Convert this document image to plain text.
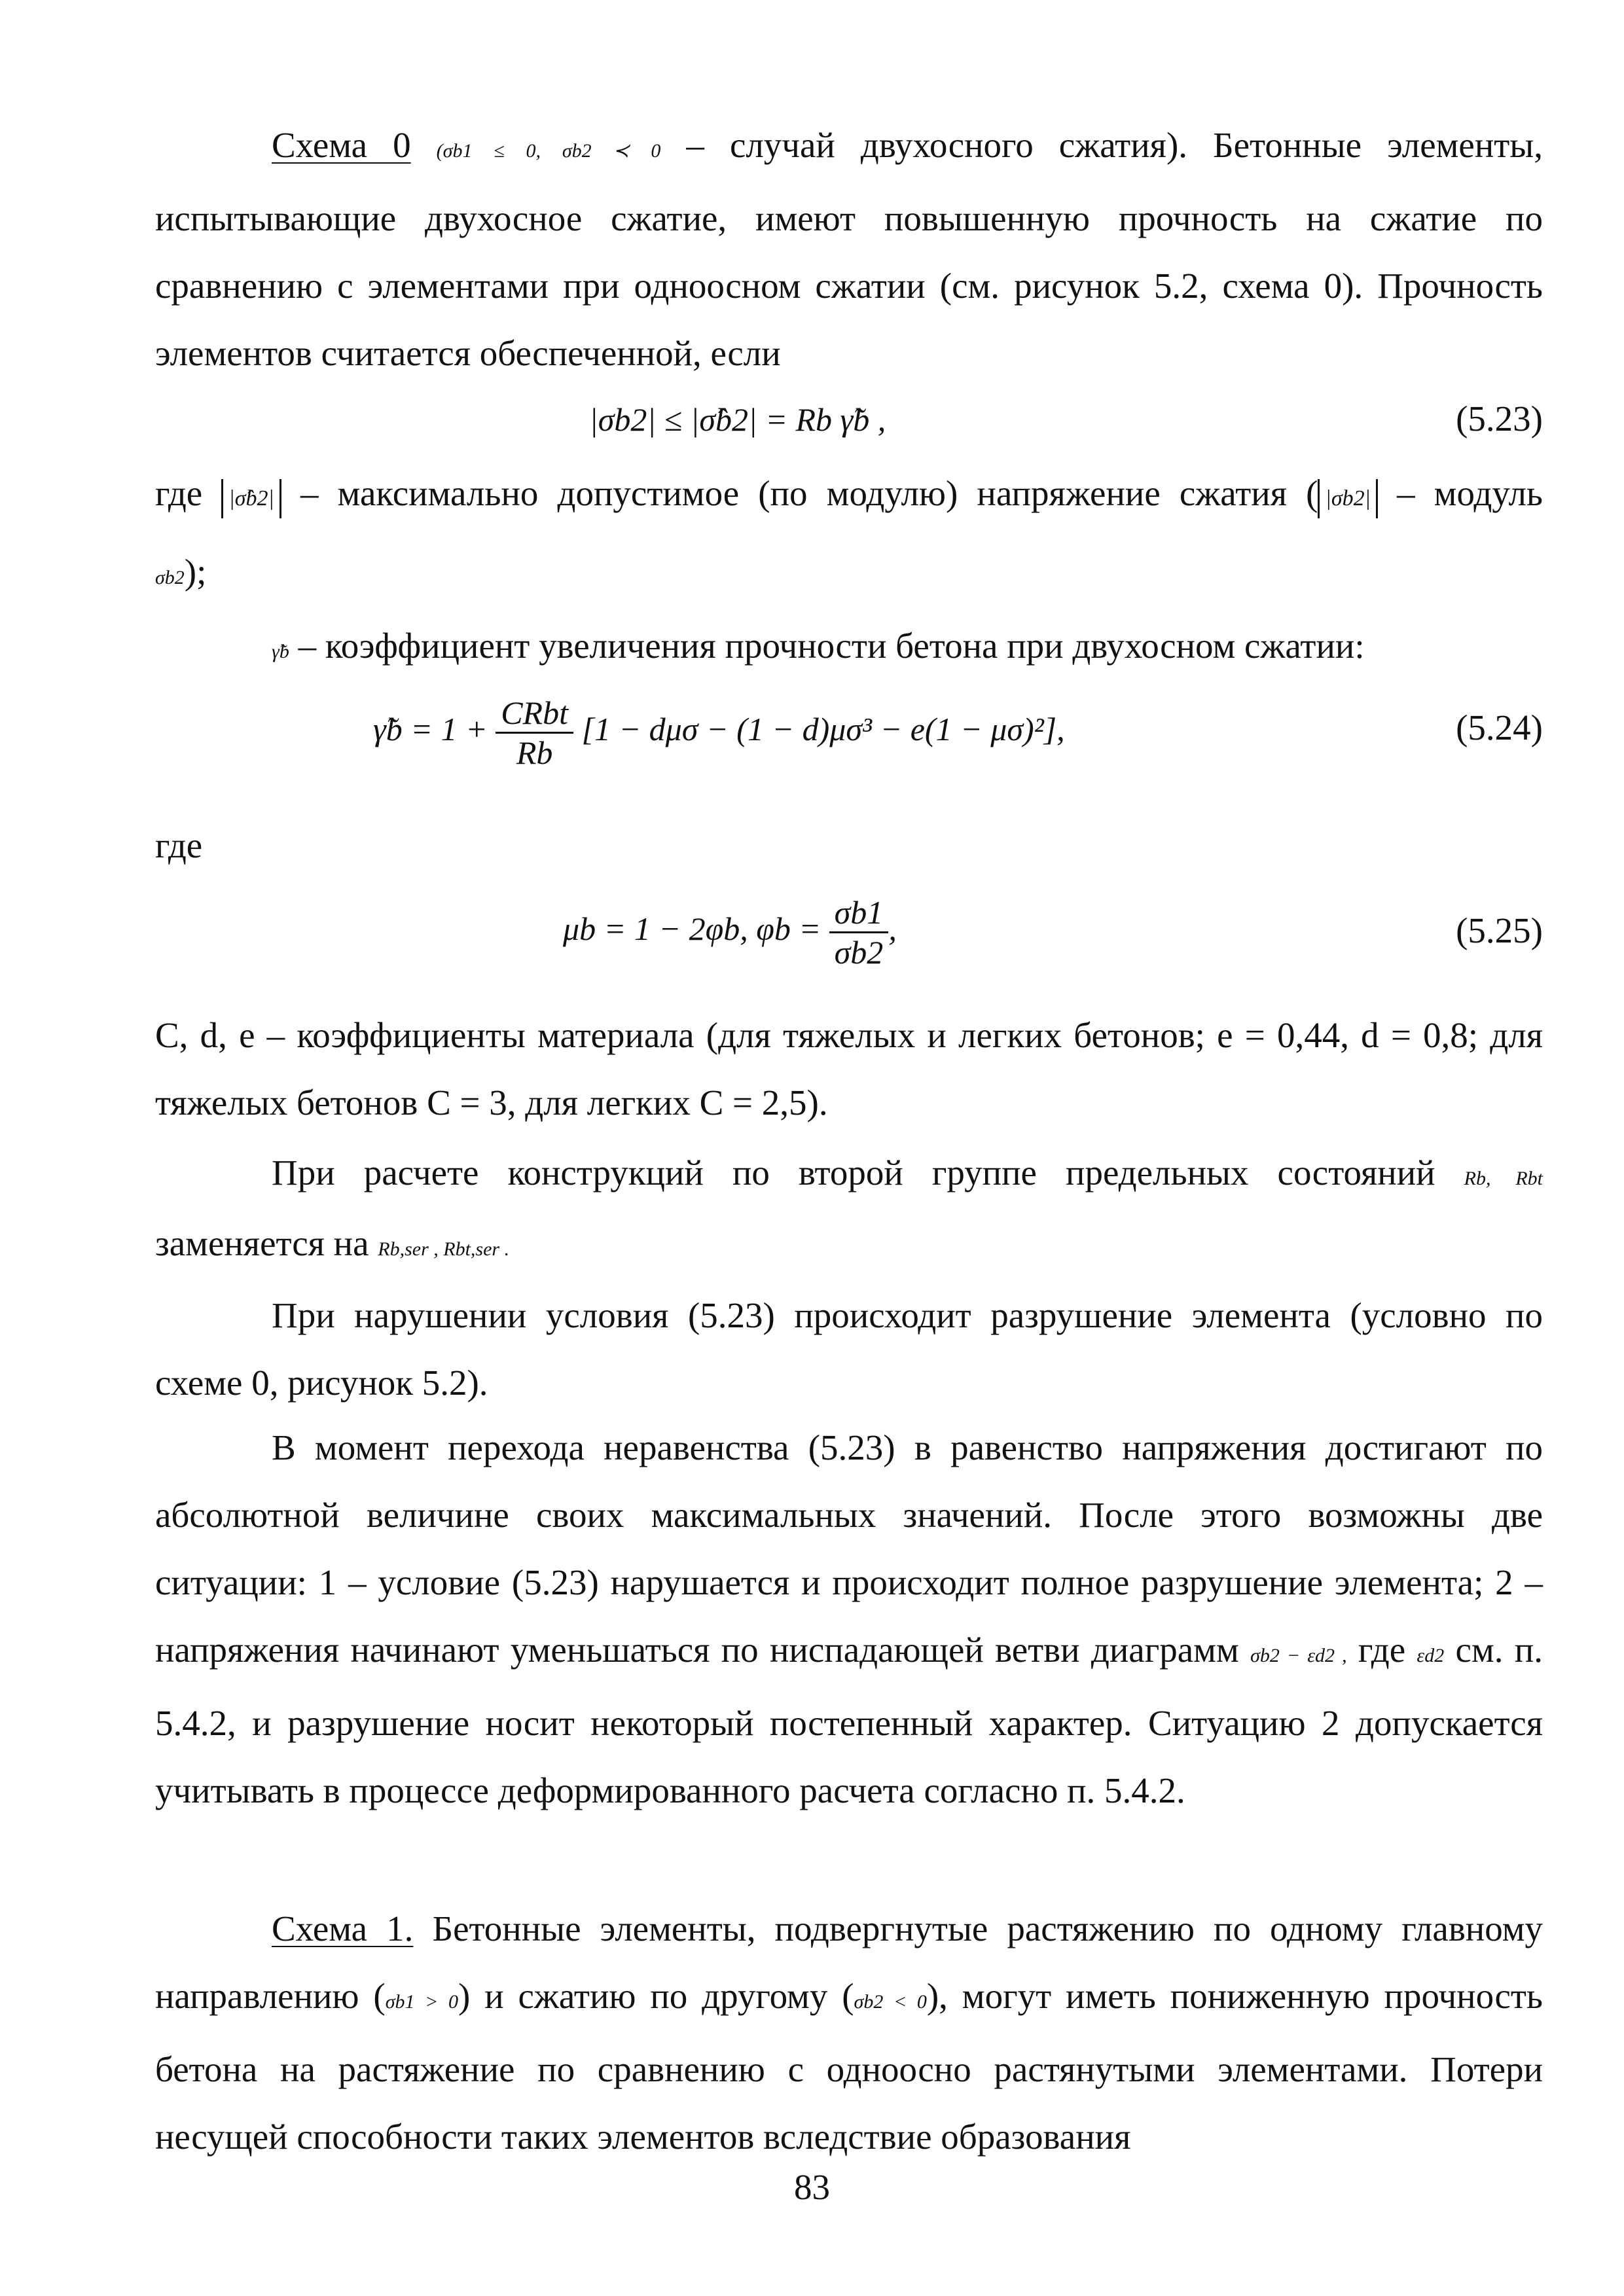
Схема 0 (σb1 ≤ 0, σb2 ≺ 0 – случай двухосного сжатия). Бетонные элементы, испытывающие двухосное сжатие, имеют повышенную прочность на сжатие по сравнению с элементами при одноосном сжатии (см. рисунок 5.2, схема 0). Прочность элементов считается обеспеченной, если
|σb2| ≤ |σ̂b2| = Rb γ̃b ,	(5.23)
где |σ̂b2| – максимально допустимое (по модулю) напряжение сжатия ( |σb2| – модуль
σb2);
γ̃b – коэффициент увеличения прочности бетона при двухосном сжатии:
γ̃b = $1 + \frac{\text{CRbt}}{Rb} [1 - d\mu\sigma - (1 - d)\mu\sigma^3 - e(1 - \mu\sigma)^2]$,	(5.24)
где
μb = 1 − 2φb, $\varphi b = \frac{\sigma b1}{\sigma b2}$ ,	(5.25)
C, d, e – коэффициенты материала (для тяжелых и легких бетонов; e = 0,44, d = 0,8; для тяжелых бетонов C = 3, для легких C = 2,5).
При расчете конструкций по второй группе предельных состояний Rb, Rbt
заменяется на Rb,ser , Rbt,ser .
При нарушении условия (5.23) происходит разрушение элемента (условно по схеме 0, рисунок 5.2).
В момент перехода неравенства (5.23) в равенство напряжения достигают по абсолютной величине своих максимальных значений. После этого возможны две ситуации: 1 – условие (5.23) нарушается и происходит полное разрушение элемента; 2 – напряжения начинают уменьшаться по ниспадающей ветви диаграмм σb2 − εd2 , где εd2 см. п. 5.4.2, и разрушение носит некоторый постепенный характер. Ситуацию 2 допускается учитывать в процессе деформированного расчета согласно п. 5.4.2.
Схема 1. Бетонные элементы, подвергнутые растяжению по одному главному направлению (σb1 > 0) и сжатию по другому (σb2 < 0), могут иметь пониженную прочность бетона на растяжение по сравнению с одноосно растянутыми элементами. Потери несущей способности таких элементов вследствие образования
83
